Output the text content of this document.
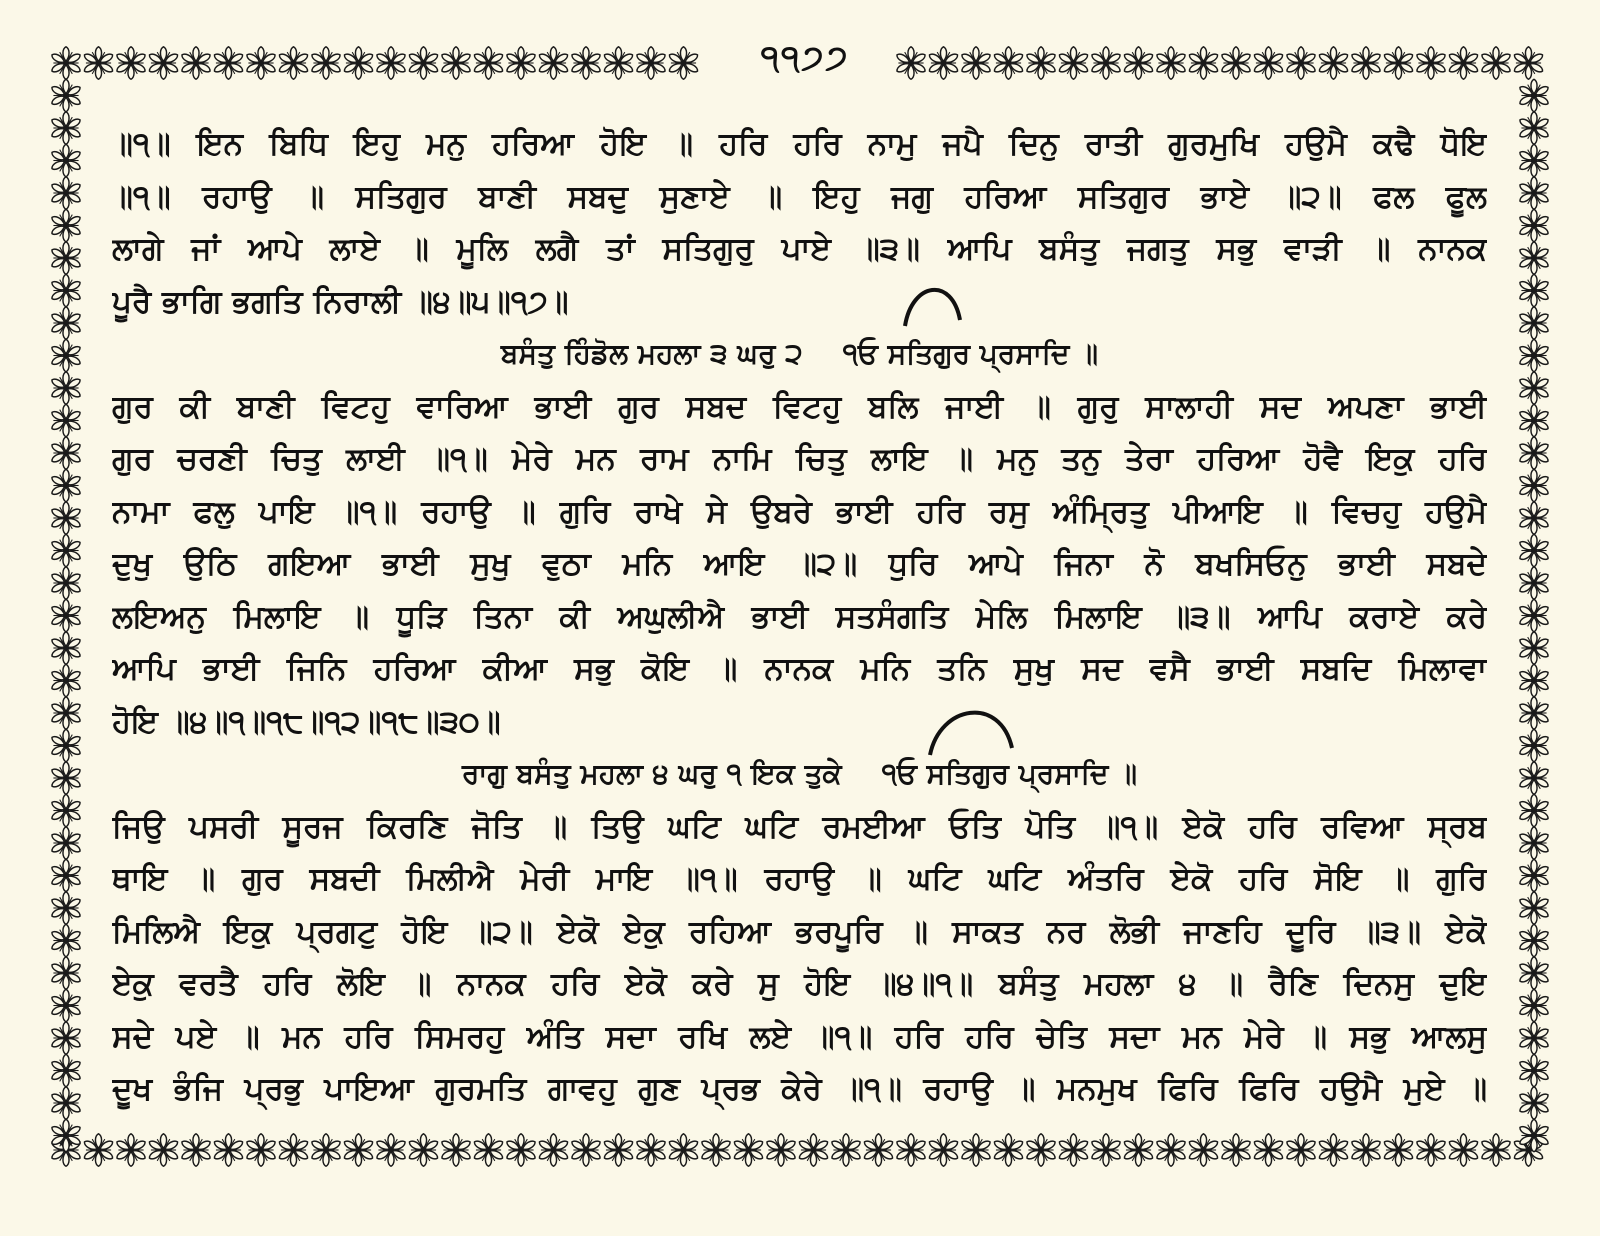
੧੧੭੭
॥੧॥ ਇਨ ਬਿਧਿ ਇਹੁ ਮਨੁ ਹਰਿਆ ਹੋਇ ॥ ਹਰਿ ਹਰਿ ਨਾਮੁ ਜਪੈ ਦਿਨੁ ਰਾਤੀ ਗੁਰਮੁਖਿ ਹਉਮੈ ਕਢੈ ਧੋਇ
॥੧॥ ਰਹਾਉ ॥ ਸਤਿਗੁਰ ਬਾਣੀ ਸਬਦੁ ਸੁਣਾਏ ॥ ਇਹੁ ਜਗੁ ਹਰਿਆ ਸਤਿਗੁਰ ਭਾਏ ॥੨॥ ਫਲ ਫੂਲ
ਲਾਗੇ ਜਾਂ ਆਪੇ ਲਾਏ ॥ ਮੂਲਿ ਲਗੈ ਤਾਂ ਸਤਿਗੁਰੁ ਪਾਏ ॥੩॥ ਆਪਿ ਬਸੰਤੁ ਜਗਤੁ ਸਭੁ ਵਾੜੀ ॥ ਨਾਨਕ
ਪੂਰੈ ਭਾਗਿ ਭਗਤਿ ਨਿਰਾਲੀ ॥੪॥੫॥੧੭॥
ਬਸੰਤੁ ਹਿੰਡੋਲ ਮਹਲਾ ੩ ਘਰੁ ੨ ੧ਓ ਸਤਿਗੁਰ ਪ੍ਰਸਾਦਿ ॥
ਗੁਰ ਕੀ ਬਾਣੀ ਵਿਟਹੁ ਵਾਰਿਆ ਭਾਈ ਗੁਰ ਸਬਦ ਵਿਟਹੁ ਬਲਿ ਜਾਈ ॥ ਗੁਰੁ ਸਾਲਾਹੀ ਸਦ ਅਪਣਾ ਭਾਈ
ਗੁਰ ਚਰਣੀ ਚਿਤੁ ਲਾਈ ॥੧॥ ਮੇਰੇ ਮਨ ਰਾਮ ਨਾਮਿ ਚਿਤੁ ਲਾਇ ॥ ਮਨੁ ਤਨੁ ਤੇਰਾ ਹਰਿਆ ਹੋਵੈ ਇਕੁ ਹਰਿ
ਨਾਮਾ ਫਲੁ ਪਾਇ ॥੧॥ ਰਹਾਉ ॥ ਗੁਰਿ ਰਾਖੇ ਸੇ ਉਬਰੇ ਭਾਈ ਹਰਿ ਰਸੁ ਅੰਮ੍ਰਿਤੁ ਪੀਆਇ ॥ ਵਿਚਹੁ ਹਉਮੈ
ਦੁਖੁ ਉਠਿ ਗਇਆ ਭਾਈ ਸੁਖੁ ਵੁਠਾ ਮਨਿ ਆਇ ॥੨॥ ਧੁਰਿ ਆਪੇ ਜਿਨਾ ਨੋ ਬਖਸਿਓਨੁ ਭਾਈ ਸਬਦੇ
ਲਇਅਨੁ ਮਿਲਾਇ ॥ ਧੂੜਿ ਤਿਨਾ ਕੀ ਅਘੁਲੀਐ ਭਾਈ ਸਤਸੰਗਤਿ ਮੇਲਿ ਮਿਲਾਇ ॥੩॥ ਆਪਿ ਕਰਾਏ ਕਰੇ
ਆਪਿ ਭਾਈ ਜਿਨਿ ਹਰਿਆ ਕੀਆ ਸਭੁ ਕੋਇ ॥ ਨਾਨਕ ਮਨਿ ਤਨਿ ਸੁਖੁ ਸਦ ਵਸੈ ਭਾਈ ਸਬਦਿ ਮਿਲਾਵਾ
ਹੋਇ ॥੪॥੧॥੧੮॥੧੨॥੧੮॥੩੦॥
ਰਾਗੁ ਬਸੰਤੁ ਮਹਲਾ ੪ ਘਰੁ ੧ ਇਕ ਤੁਕੇ ੧ਓ ਸਤਿਗੁਰ ਪ੍ਰਸਾਦਿ ॥
ਜਿਉ ਪਸਰੀ ਸੂਰਜ ਕਿਰਣਿ ਜੋਤਿ ॥ ਤਿਉ ਘਟਿ ਘਟਿ ਰਮਈਆ ਓਤਿ ਪੋਤਿ ॥੧॥ ਏਕੋ ਹਰਿ ਰਵਿਆ ਸ੍ਰਬ
ਥਾਇ ॥ ਗੁਰ ਸਬਦੀ ਮਿਲੀਐ ਮੇਰੀ ਮਾਇ ॥੧॥ ਰਹਾਉ ॥ ਘਟਿ ਘਟਿ ਅੰਤਰਿ ਏਕੋ ਹਰਿ ਸੋਇ ॥ ਗੁਰਿ
ਮਿਲਿਐ ਇਕੁ ਪ੍ਰਗਟੁ ਹੋਇ ॥੨॥ ਏਕੋ ਏਕੁ ਰਹਿਆ ਭਰਪੂਰਿ ॥ ਸਾਕਤ ਨਰ ਲੋਭੀ ਜਾਣਹਿ ਦੂਰਿ ॥੩॥ ਏਕੋ
ਏਕੁ ਵਰਤੈ ਹਰਿ ਲੋਇ ॥ ਨਾਨਕ ਹਰਿ ਏਕੋ ਕਰੇ ਸੁ ਹੋਇ ॥੪॥੧॥ ਬਸੰਤੁ ਮਹਲਾ ੪ ॥ ਰੈਣਿ ਦਿਨਸੁ ਦੁਇ
ਸਦੇ ਪਏ ॥ ਮਨ ਹਰਿ ਸਿਮਰਹੁ ਅੰਤਿ ਸਦਾ ਰਖਿ ਲਏ ॥੧॥ ਹਰਿ ਹਰਿ ਚੇਤਿ ਸਦਾ ਮਨ ਮੇਰੇ ॥ ਸਭੁ ਆਲਸੁ
ਦੂਖ ਭੰਜਿ ਪ੍ਰਭੁ ਪਾਇਆ ਗੁਰਮਤਿ ਗਾਵਹੁ ਗੁਣ ਪ੍ਰਭ ਕੇਰੇ ॥੧॥ ਰਹਾਉ ॥ ਮਨਮੁਖ ਫਿਰਿ ਫਿਰਿ ਹਉਮੈ ਮੁਏ ॥
